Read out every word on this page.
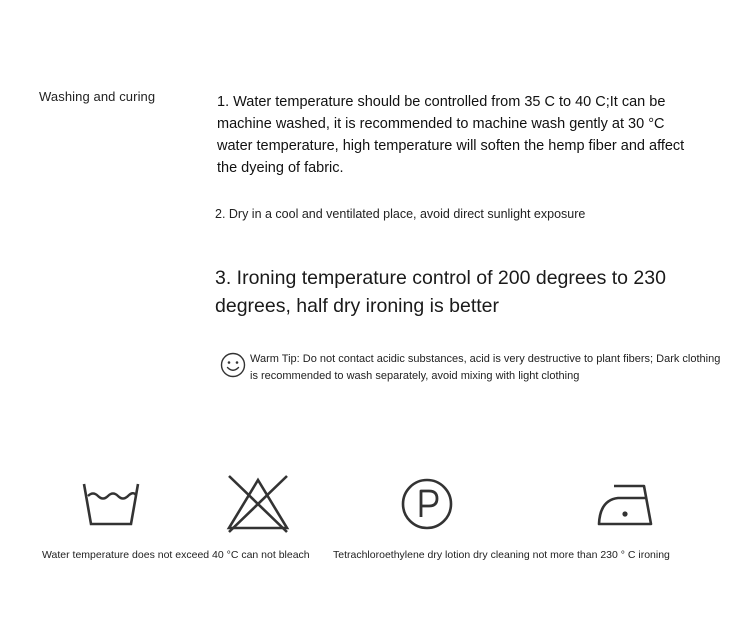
Washing and curing	1. Water temperature should be controlled from 35 C to 40 C;It can be machine washed, it is recommended to machine wash gently at 30 °C water temperature, high temperature will soften the hemp fiber and affect the dyeing of fabric.
2. Dry in a cool and ventilated place, avoid direct sunlight exposure
3. Ironing temperature control of 200 degrees to 230 degrees, half dry ironing is better
Warm Tip: Do not contact acidic substances, acid is very destructive to plant fibers; Dark clothing is recommended to wash separately, avoid mixing with light clothing
Water temperature does not exceed 40 °C can not bleach Tetrachloroethylene dry lotion dry cleaning not more than 230 ° C ironing
